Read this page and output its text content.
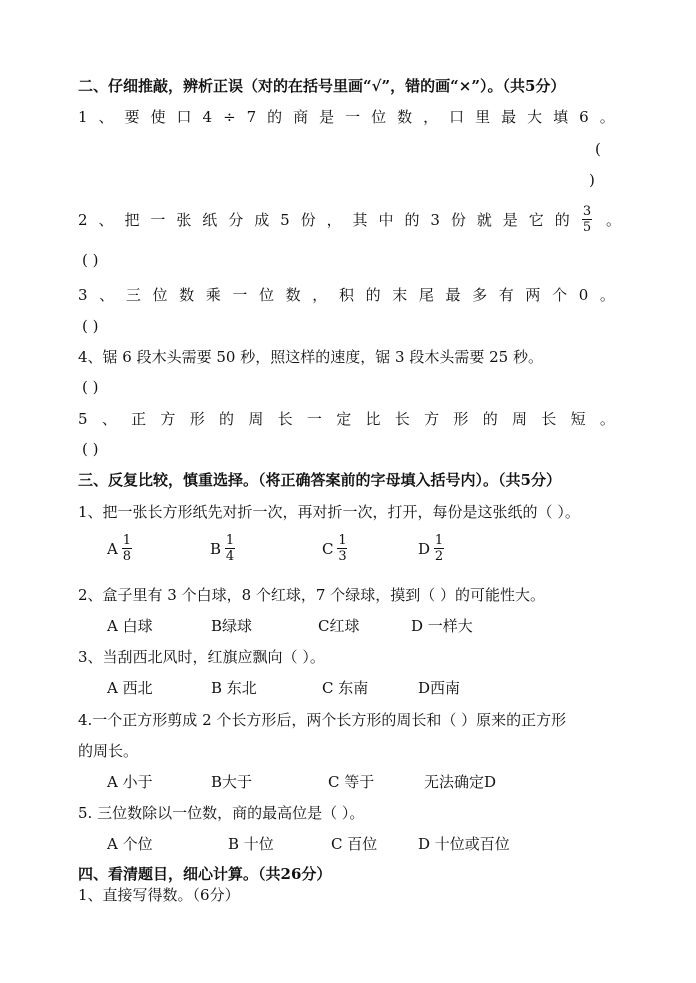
二、仔细推敲，辨析正误（对的在括号里画“√”，错的画“×”）。（共5分）
1 、 要 使 口 4 ÷ 7 的 商 是 一 位 数 ， 口 里 最 大 填 6 。
(
)
2 、 把 一 张 纸 分 成 5 份 ， 其 中 的 3 份 就 是 它 的 $\frac{3}{5}$ 。
( )
3 、 三 位 数 乘 一 位 数 ， 积 的 末 尾 最 多 有 两 个 0 。
( )
4、锯 6 段木头需要 50 秒，照这样的速度，锯 3 段木头需要 25 秒。
( )
5 、 正 方 形 的 周 长 一 定 比 长 方 形 的 周 长 短 。
( )
三、反复比较，慎重选择。（将正确答案前的字母填入括号内）。（共5分）
1、把一张长方形纸先对折一次，再对折一次，打开，每份是这张纸的（ ）。
A $\frac{1}{8}$	B $\frac{1}{4}$	C $\frac{1}{3}$	D $\frac{1}{2}$
2、盒子里有 3 个白球，8 个红球，7 个绿球，摸到（ ）的可能性大。
A 白球	B绿球	C红球	D 一样大
3、当刮西北风时，红旗应飘向（ ）。
A 西北	B 东北	C 东南	D西南
4.一个正方形剪成 2 个长方形后，两个长方形的周长和（ ）原来的正方形
的周长。
A 小于	B大于	C 等于	无法确定D
5. 三位数除以一位数，商的最高位是（ ）。
A 个位	B 十位	C 百位	D 十位或百位
四、看清题目，细心计算。（共26分）
1、直接写得数。（6分）
